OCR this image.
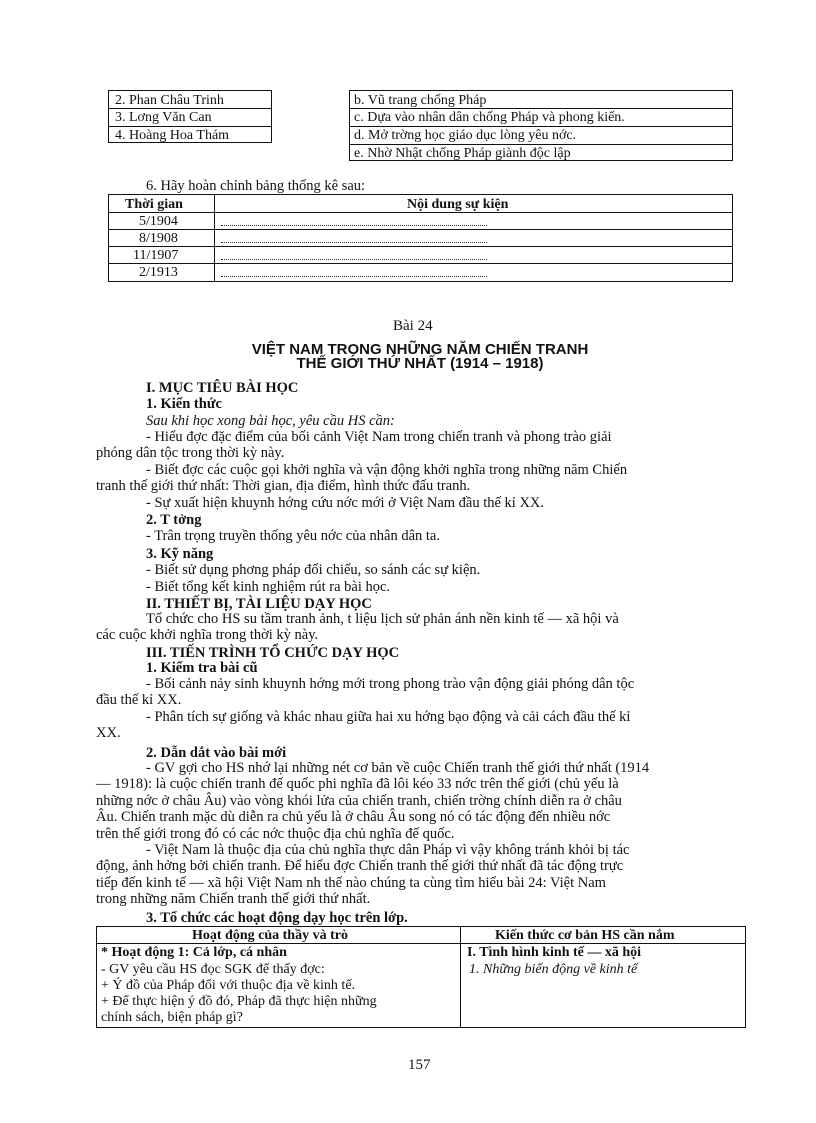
2. Phan Châu Trinh
3. Lơng Văn Can
4. Hoàng Hoa Thám
b. Vũ trang chống Pháp
c. Dựa vào nhân dân chống Pháp và phong kiến.
d. Mở trờng học giáo dục lòng yêu nớc.
e. Nhờ Nhật chống Pháp giành độc lập
6. Hãy hoàn chỉnh bảng thống kê sau:
Thời gian	Nội dung sự kiện
5/1904
8/1908
11/1907
2/1913
Bài 24
VIỆT NAM TRONG NHỮNG NĂM CHIẾN TRANH
THẾ GIỚI THỨ NHẤT (1914 – 1918)
I. MỤC TIÊU BÀI HỌC
1. Kiến thức
Sau khi học xong bài học, yêu cầu HS cần:
- Hiểu đợc đặc điểm của bối cảnh Việt Nam trong chiến tranh và phong trào giải
phóng dân tộc trong thời kỳ này.
- Biết đợc các cuộc gọi khởi nghĩa và vận động khởi nghĩa trong những năm Chiến
tranh thế giới thứ nhất: Thời gian, địa điểm, hình thức đấu tranh.
- Sự xuất hiện khuynh hớng cứu nớc mới ở Việt Nam đầu thế kỉ XX.
2. T tởng
- Trân trọng truyền thống yêu nớc của nhân dân ta.
3. Kỹ năng
- Biết sử dụng phơng pháp đối chiếu, so sánh các sự kiện.
- Biết tổng kết kinh nghiệm rút ra bài học.
II. THIẾT BỊ, TÀI LIỆU DẠY HỌC
Tổ chức cho HS su tầm tranh ảnh, t liệu lịch sử phản ánh nền kinh tế — xã hội và
các cuộc khởi nghĩa trong thời kỳ này.
III. TIẾN TRÌNH TỔ CHỨC DẠY HỌC
1. Kiểm tra bài cũ
- Bối cảnh nảy sinh khuynh hớng mới trong phong trào vận động giải phóng dân tộc
đầu thế kỉ XX.
- Phân tích sự giống và khác nhau giữa hai xu hớng bạo động và cải cách đầu thế kỉ
XX.
2. Dẫn dắt vào bài mới
- GV gợi cho HS nhớ lại những nét cơ bản về cuộc Chiến tranh thế giới thứ nhất (1914
— 1918): là cuộc chiến tranh đế quốc phi nghĩa đã lôi kéo 33 nớc trên thế giới (chủ yếu là
những nớc ở châu Âu) vào vòng khói lửa của chiến tranh, chiến trờng chính diễn ra ở châu
Âu. Chiến tranh mặc dù diễn ra chủ yếu là ở châu Âu song nó có tác động đến nhiều nớc
trên thế giới trong đó có các nớc thuộc địa chủ nghĩa đế quốc.
- Việt Nam là thuộc địa của chủ nghĩa thực dân Pháp vì vậy không tránh khỏi bị tác
động, ảnh hởng bởi chiến tranh. Để hiểu đợc Chiến tranh thế giới thứ nhất đã tác động trực
tiếp đến kinh tế — xã hội Việt Nam nh thế nào chúng ta cùng tìm hiểu bài 24: Việt Nam
trong những năm Chiến tranh thế giới thứ nhất.
3. Tổ chức các hoạt động dạy học trên lớp.
Hoạt động của thầy và trò	Kiến thức cơ bản HS cần nắm
* Hoạt động 1: Cả lớp, cá nhân
- GV yêu cầu HS đọc SGK để thấy đợc:
+ Ý đồ của Pháp đối với thuộc địa về kinh tế.
+ Để thực hiện ý đồ đó, Pháp đã thực hiện những
chính sách, biện pháp gì?
I. Tình hình kinh tế — xã hội
1. Những biến động về kinh tế
157
